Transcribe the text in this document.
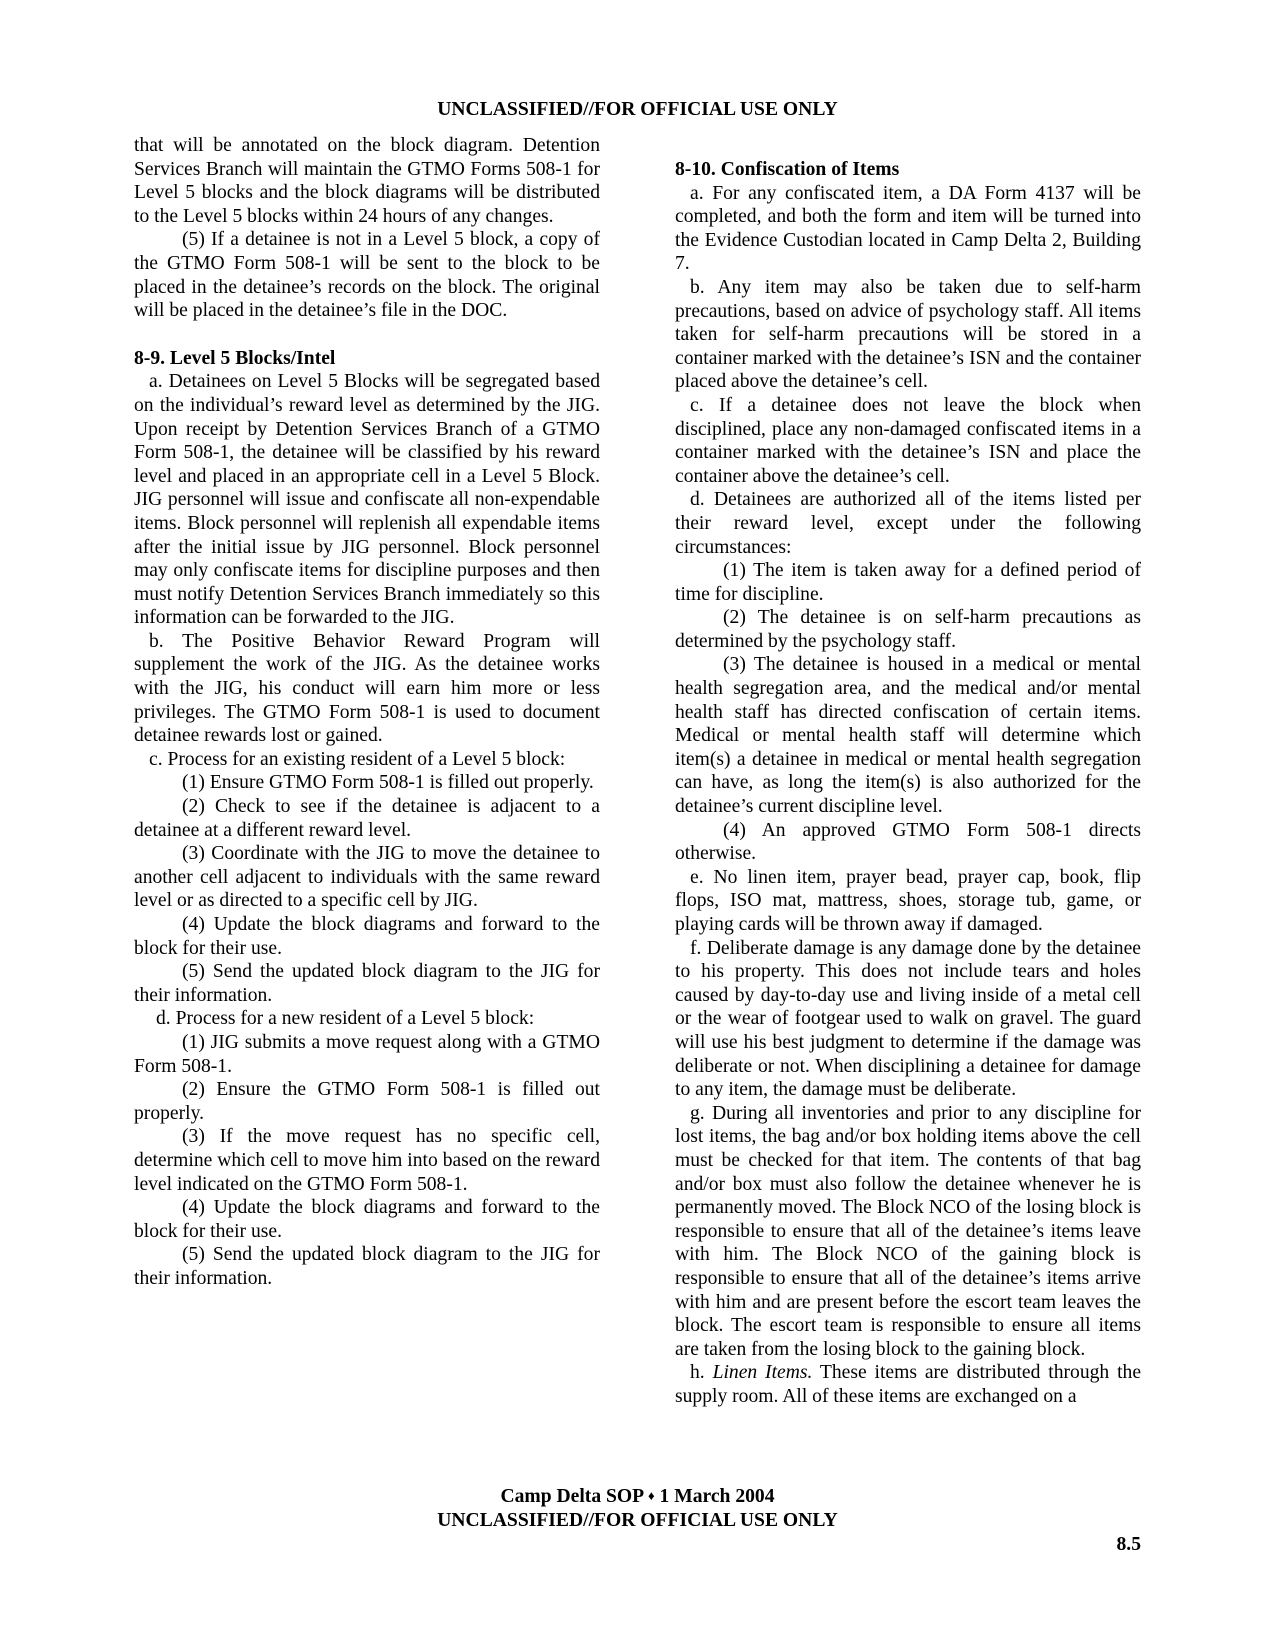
UNCLASSIFIED//FOR OFFICIAL USE ONLY

that will be annotated on the block diagram. Detention Services Branch will maintain the GTMO Forms 508-1 for Level 5 blocks and the block diagrams will be distributed to the Level 5 blocks within 24 hours of any changes.

(5) If a detainee is not in a Level 5 block, a copy of the GTMO Form 508-1 will be sent to the block to be placed in the detainee’s records on the block. The original will be placed in the detainee’s file in the DOC.

8-9. Level 5 Blocks/Intel

a. Detainees on Level 5 Blocks will be segregated based on the individual’s reward level as determined by the JIG. Upon receipt by Detention Services Branch of a GTMO Form 508-1, the detainee will be classified by his reward level and placed in an appropriate cell in a Level 5 Block. JIG personnel will issue and confiscate all non-expendable items. Block personnel will replenish all expendable items after the initial issue by JIG personnel. Block personnel may only confiscate items for discipline purposes and then must notify Detention Services Branch immediately so this information can be forwarded to the JIG.

b. The Positive Behavior Reward Program will supplement the work of the JIG. As the detainee works with the JIG, his conduct will earn him more or less privileges. The GTMO Form 508-1 is used to document detainee rewards lost or gained.

c. Process for an existing resident of a Level 5 block:

(1) Ensure GTMO Form 508-1 is filled out properly.

(2) Check to see if the detainee is adjacent to a detainee at a different reward level.

(3) Coordinate with the JIG to move the detainee to another cell adjacent to individuals with the same reward level or as directed to a specific cell by JIG.

(4) Update the block diagrams and forward to the block for their use.

(5) Send the updated block diagram to the JIG for their information.

d. Process for a new resident of a Level 5 block:

(1) JIG submits a move request along with a GTMO Form 508-1.

(2) Ensure the GTMO Form 508-1 is filled out properly.

(3) If the move request has no specific cell, determine which cell to move him into based on the reward level indicated on the GTMO Form 508-1.

(4) Update the block diagrams and forward to the block for their use.

(5) Send the updated block diagram to the JIG for their information.

8-10. Confiscation of Items

a. For any confiscated item, a DA Form 4137 will be completed, and both the form and item will be turned into the Evidence Custodian located in Camp Delta 2, Building 7.

b. Any item may also be taken due to self-harm precautions, based on advice of psychology staff. All items taken for self-harm precautions will be stored in a container marked with the detainee’s ISN and the container placed above the detainee’s cell.

c. If a detainee does not leave the block when disciplined, place any non-damaged confiscated items in a container marked with the detainee’s ISN and place the container above the detainee’s cell.

d. Detainees are authorized all of the items listed per their reward level, except under the following circumstances:

(1) The item is taken away for a defined period of time for discipline.

(2) The detainee is on self-harm precautions as determined by the psychology staff.

(3) The detainee is housed in a medical or mental health segregation area, and the medical and/or mental health staff has directed confiscation of certain items. Medical or mental health staff will determine which item(s) a detainee in medical or mental health segregation can have, as long the item(s) is also authorized for the detainee’s current discipline level.

(4) An approved GTMO Form 508-1 directs otherwise.

e. No linen item, prayer bead, prayer cap, book, flip flops, ISO mat, mattress, shoes, storage tub, game, or playing cards will be thrown away if damaged.

f. Deliberate damage is any damage done by the detainee to his property. This does not include tears and holes caused by day-to-day use and living inside of a metal cell or the wear of footgear used to walk on gravel. The guard will use his best judgment to determine if the damage was deliberate or not. When disciplining a detainee for damage to any item, the damage must be deliberate.

g. During all inventories and prior to any discipline for lost items, the bag and/or box holding items above the cell must be checked for that item. The contents of that bag and/or box must also follow the detainee whenever he is permanently moved. The Block NCO of the losing block is responsible to ensure that all of the detainee’s items leave with him. The Block NCO of the gaining block is responsible to ensure that all of the detainee’s items arrive with him and are present before the escort team leaves the block. The escort team is responsible to ensure all items are taken from the losing block to the gaining block.

h. Linen Items. These items are distributed through the supply room. All of these items are exchanged on a

Camp Delta SOP ♦ 1 March 2004
UNCLASSIFIED//FOR OFFICIAL USE ONLY
8.5
